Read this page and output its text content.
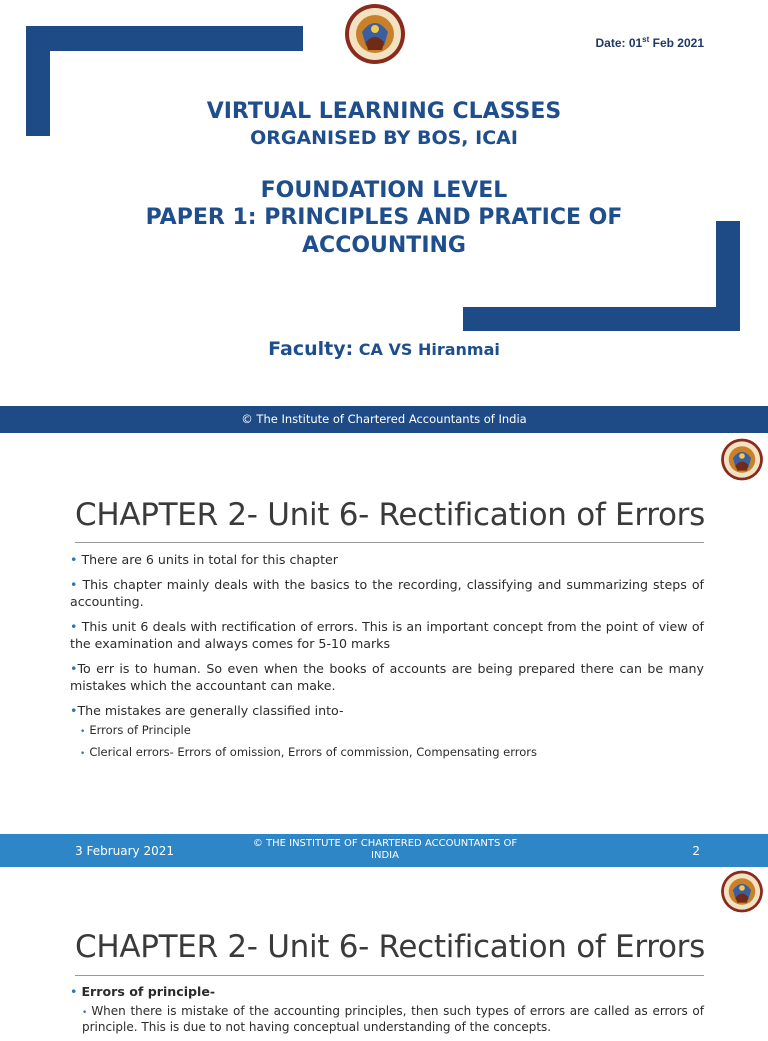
Date: 01st Feb 2021
VIRTUAL LEARNING CLASSES
ORGANISED BY BOS, ICAI
FOUNDATION LEVEL
PAPER 1: PRINCIPLES AND PRATICE OF
ACCOUNTING
Faculty: CA VS Hiranmai
© The Institute of Chartered Accountants of India
CHAPTER 2- Unit 6- Rectification of Errors
• There are 6 units in total for this chapter
• This chapter mainly deals with the basics to the recording, classifying and summarizing steps of accounting.
• This unit 6 deals with rectification of errors. This is an important concept from the point of view of the examination and always comes for 5-10 marks
•To err is to human. So even when the books of accounts are being prepared there can be many mistakes which the accountant can make.
•The mistakes are generally classified into-
• Errors of Principle
• Clerical errors- Errors of omission, Errors of commission, Compensating errors
3 February 2021
© THE INSTITUTE OF CHARTERED ACCOUNTANTS OF INDIA	2
CHAPTER 2- Unit 6- Rectification of Errors
• Errors of principle-
• When there is mistake of the accounting principles, then such types of errors are called as errors of principle. This is due to not having conceptual understanding of the concepts.
